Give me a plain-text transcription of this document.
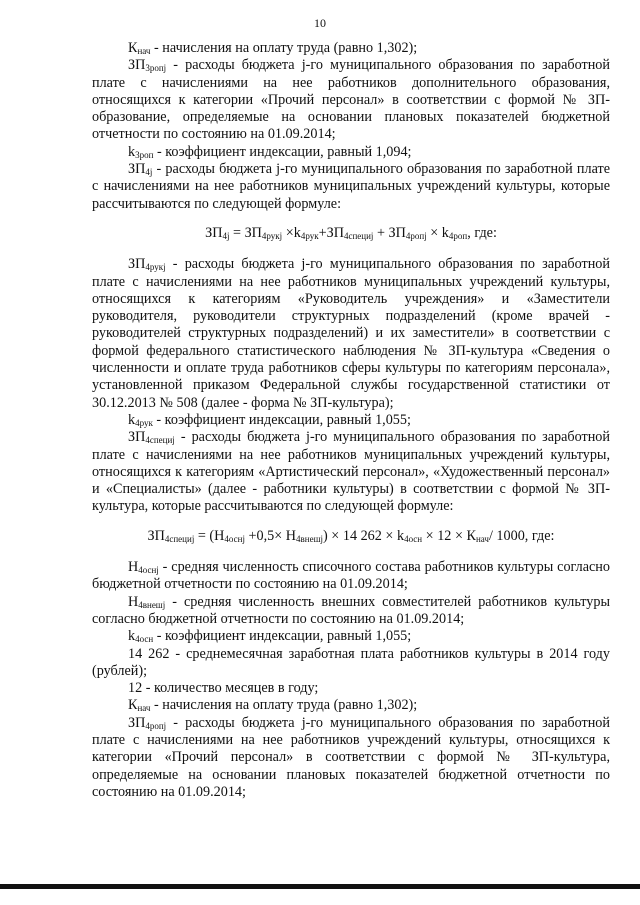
10

$К_{нач}$ - начисления на оплату труда (равно 1,302);

$ЗП_{3ропj}$ - расходы бюджета j-го муниципального образования по заработной плате с начислениями на нее работников дополнительного образования, относящихся к категории «Прочий персонал» в соответствии с формой № ЗП-образование, определяемые на основании плановых показателей бюджетной отчетности по состоянию на 01.09.2014;

$k_{3роп}$ - коэффициент индексации, равный 1,094;

$ЗП_{4j}$ - расходы бюджета j-го муниципального образования по заработной плате с начислениями на нее работников муниципальных учреждений культуры, которые рассчитываются по следующей формуле:

$ЗП_{4j} = ЗП_{4рукj} \times k_{4рук}+ЗП_{4специj} + ЗП_{4ропj} \times k_{4роп}$, где:

$ЗП_{4рукj}$ - расходы бюджета j-го муниципального образования по заработной плате с начислениями на нее работников муниципальных учреждений культуры, относящихся к категориям «Руководитель учреждения» и «Заместители руководителя, руководители структурных подразделений (кроме врачей - руководителей структурных подразделений) и их заместители» в соответствии с формой федерального статистического наблюдения № ЗП-культура «Сведения о численности и оплате труда работников сферы культуры по категориям персонала», установленной приказом Федеральной службы государственной статистики от 30.12.2013 № 508 (далее - форма № ЗП-культура);

$k_{4рук}$ - коэффициент индексации, равный 1,055;

$ЗП_{4специj}$ - расходы бюджета j-го муниципального образования по заработной плате с начислениями на нее работников муниципальных учреждений культуры, относящихся к категориям «Артистический персонал», «Художественный персонал» и «Специалисты» (далее - работники культуры) в соответствии с формой № ЗП-культура, которые рассчитываются по следующей формуле:

$ЗП_{4специj} = (Н_{4оснj} +0,5\times Н_{4внешj}) \times 14$ $262 \times k_{4осн} \times 12 \times К_{нач}/$ 1000, где:

$Н_{4оснj}$ - средняя численность списочного состава работников культуры согласно бюджетной отчетности по состоянию на 01.09.2014;

$Н_{4внешj}$ - средняя численность внешних совместителей работников культуры согласно бюджетной отчетности по состоянию на 01.09.2014;

$k_{4осн}$ - коэффициент индексации, равный 1,055;

14 262 - среднемесячная заработная плата работников культуры в 2014 году (рублей);

12 - количество месяцев в году;

$К_{нач}$ - начисления на оплату труда (равно 1,302);

$ЗП_{4ропj}$ - расходы бюджета j-го муниципального образования по заработной плате с начислениями на нее работников учреждений культуры, относящихся к категории «Прочий персонал» в соответствии с формой № ЗП-культура, определяемые на основании плановых показателей бюджетной отчетности по состоянию на 01.09.2014;
